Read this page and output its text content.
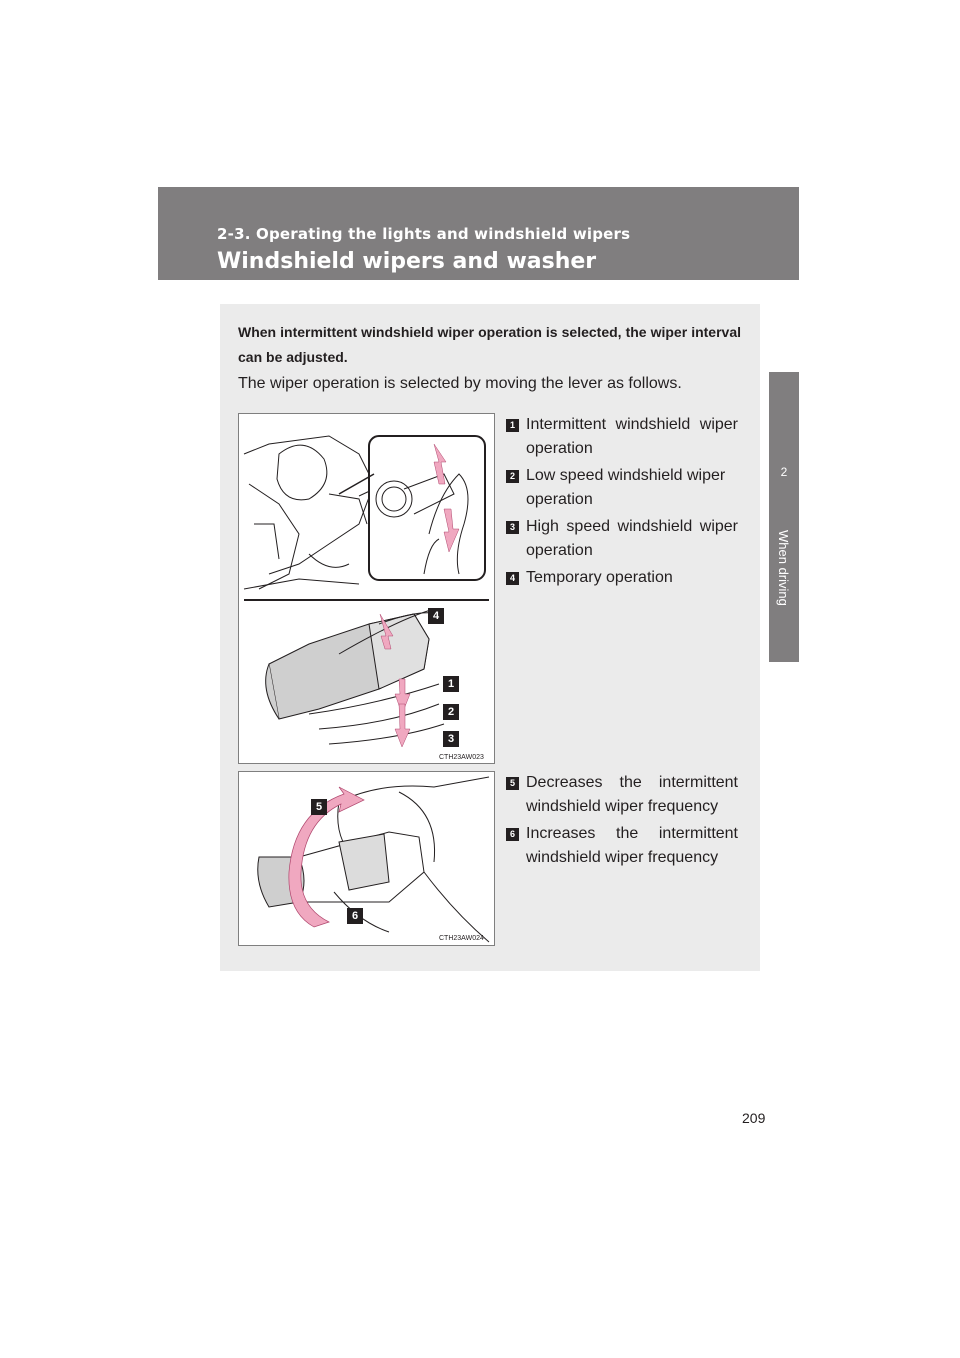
2-3. Operating the lights and windshield wipers
Windshield wipers and washer
2
When driving
When intermittent windshield wiper operation is selected, the wiper interval can be adjusted.
The wiper operation is selected by moving the lever as follows.
4
1
2
3
CTH23AW023
1 Intermittent windshield wiper operation
2 Low speed windshield wiper operation
3 High speed windshield wiper operation
4 Temporary operation
5
6
CTH23AW024
5 Decreases the intermittent windshield wiper frequency
6 Increases the intermittent windshield wiper frequency
209
